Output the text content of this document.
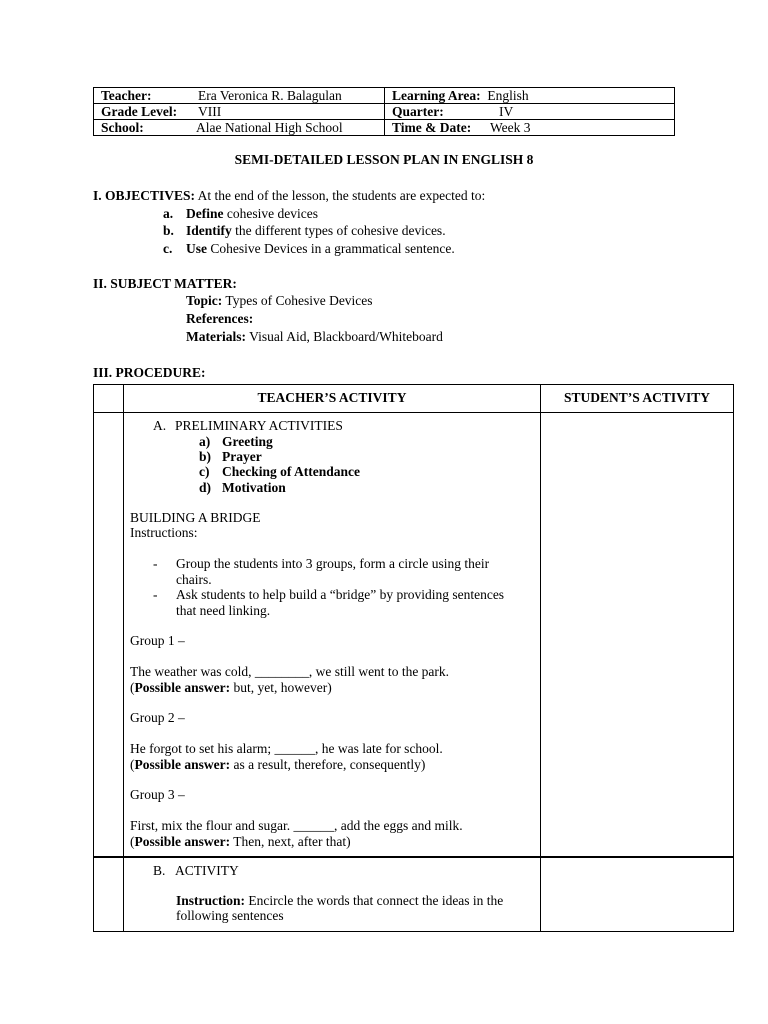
Teacher: Era Veronica R. Balagulan	Learning Area: English
Grade Level: VIII	Quarter: IV
School: Alae National High School	Time & Date: Week 3
SEMI-DETAILED LESSON PLAN IN ENGLISH 8
I. OBJECTIVES: At the end of the lesson, the students are expected to:
a. Define cohesive devices
b. Identify the different types of cohesive devices.
c. Use Cohesive Devices in a grammatical sentence.
II. SUBJECT MATTER:
Topic: Types of Cohesive Devices
References:
Materials: Visual Aid, Blackboard/Whiteboard
III. PROCEDURE:
TEACHER’S ACTIVITY	STUDENT’S ACTIVITY
A. PRELIMINARY ACTIVITIES
a) Greeting
b) Prayer
c) Checking of Attendance
d) Motivation
BUILDING A BRIDGE
Instructions:
- Group the students into 3 groups, form a circle using their
chairs.
- Ask students to help build a “bridge” by providing sentences
that need linking.
Group 1 –
The weather was cold, ________, we still went to the park.
(Possible answer: but, yet, however)
Group 2 –
He forgot to set his alarm; ______, he was late for school.
(Possible answer: as a result, therefore, consequently)
Group 3 –
First, mix the flour and sugar. ______, add the eggs and milk.
(Possible answer: Then, next, after that)
B. ACTIVITY
Instruction: Encircle the words that connect the ideas in the
following sentences
